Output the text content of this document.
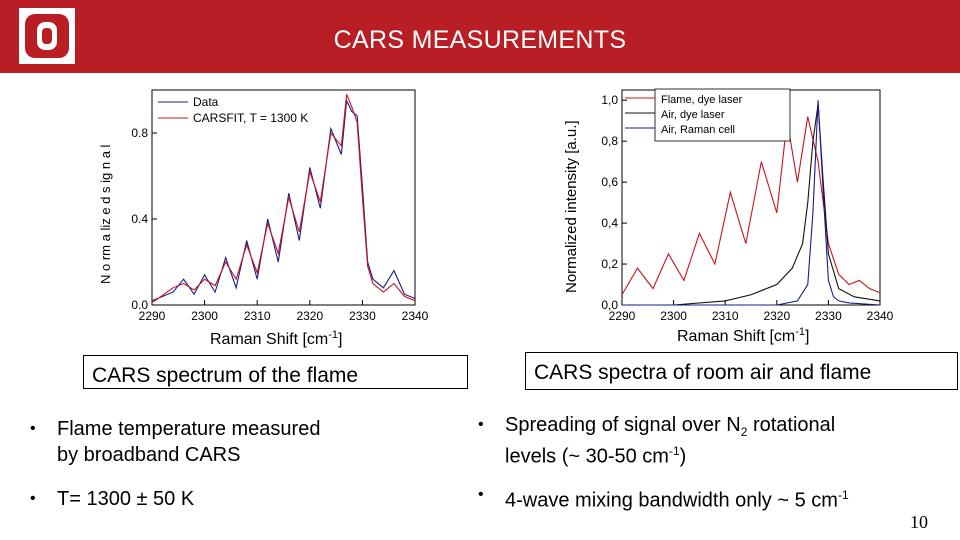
CARS MEASUREMENTS
2290 2300 2310 2320 2330 2340
0.0
0.4
0.8
Data
CARSFIT, T = 1300 K
N o rm a liz e d s ig n a l
Raman Shift $[cm^{-1}]$
2290 2300 2310 2320 2330 2340
0,0
0,2
0,4
0,6
0,8
1,0	Flame, dye laser
Air, dye laser
Air, Raman cell
Normalized intensity [a.u.]
Raman Shift $[cm^{-1}]$
CARS spectrum of the flame	CARS spectra of room air and flame
• Flame temperature measured
by broadband CARS
• T= 1300 ± 50 K
• Spreading of signal over $N_2$ rotational
levels (~ 30-50 $cm^{-1}$)
• 4-wave mixing bandwidth only ~ 5 $cm^{-1}$
10
